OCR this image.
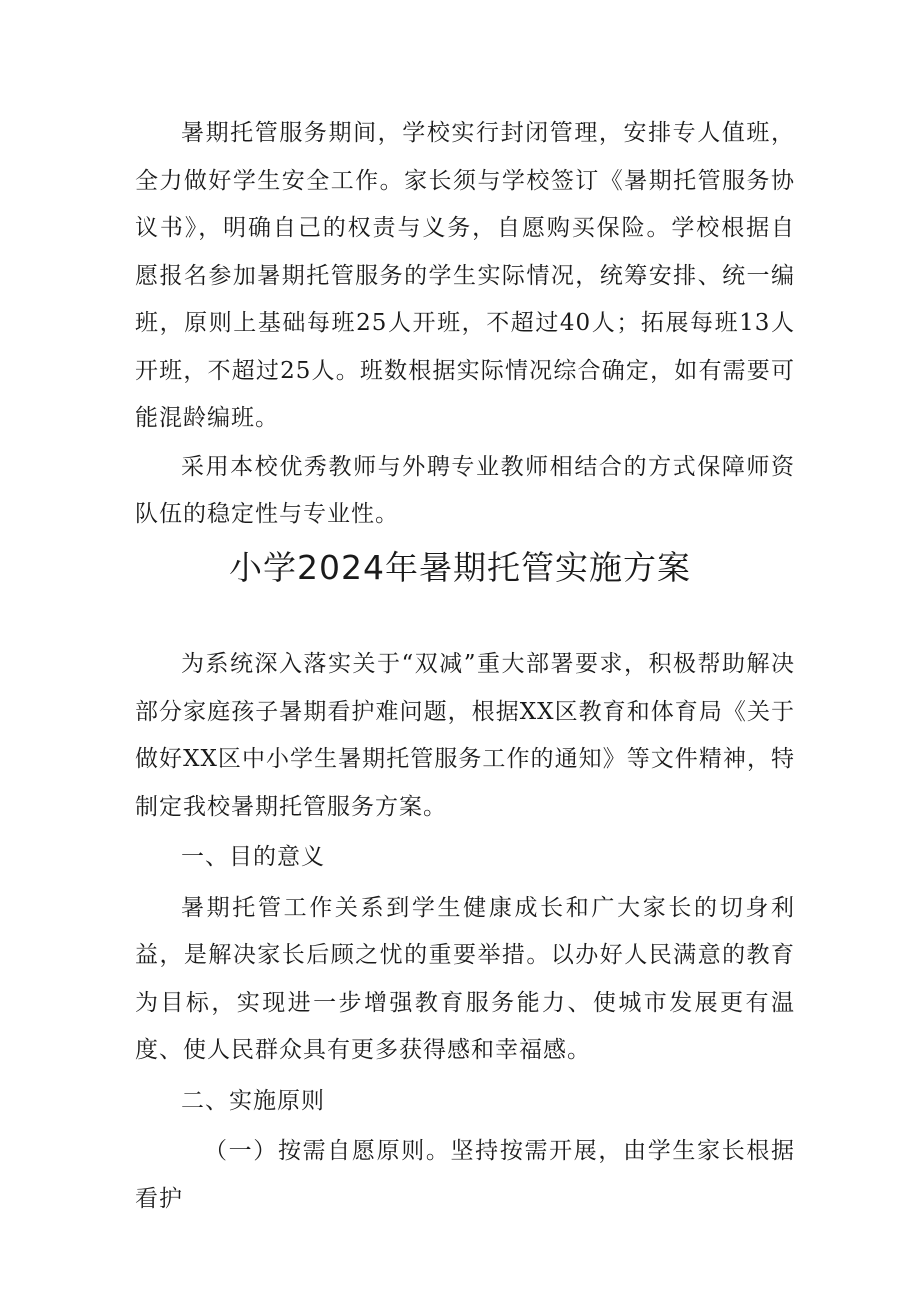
暑期托管服务期间，学校实行封闭管理，安排专人值班，全力做好学生安全工作。家长须与学校签订《暑期托管服务协议书》，明确自己的权责与义务，自愿购买保险。学校根据自愿报名参加暑期托管服务的学生实际情况，统筹安排、统一编班，原则上基础每班25人开班，不超过40人；拓展每班13人开班，不超过25人。班数根据实际情况综合确定，如有需要可能混龄编班。

采用本校优秀教师与外聘专业教师相结合的方式保障师资队伍的稳定性与专业性。

小学2024年暑期托管实施方案

为系统深入落实关于“双减”重大部署要求，积极帮助解决部分家庭孩子暑期看护难问题，根据XX区教育和体育局《关于做好XX区中小学生暑期托管服务工作的通知》等文件精神，特制定我校暑期托管服务方案。

一、目的意义

暑期托管工作关系到学生健康成长和广大家长的切身利益，是解决家长后顾之忧的重要举措。以办好人民满意的教育为目标，实现进一步增强教育服务能力、使城市发展更有温度、使人民群众具有更多获得感和幸福感。

二、实施原则

（一）按需自愿原则。坚持按需开展，由学生家长根据看护
